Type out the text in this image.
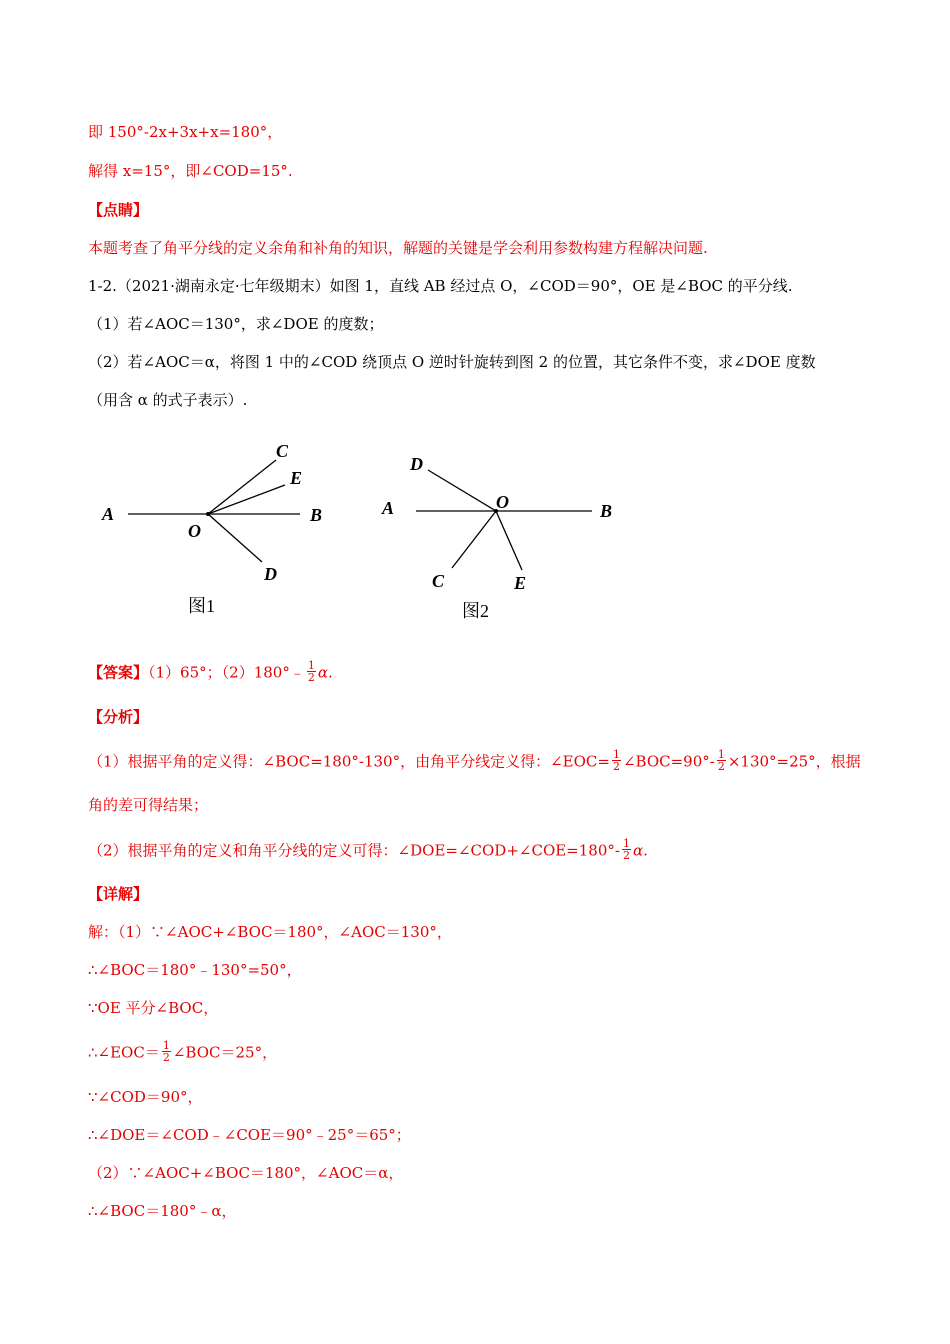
即 150°-2x+3x+x=180°，
解得 x=15°，即∠COD=15°.
【点睛】
本题考查了角平分线的定义余角和补角的知识，解题的关键是学会利用参数构建方程解决问题.
1-2.（2021·湖南永定·七年级期末）如图 1，直线 AB 经过点 O，∠COD＝90°，OE 是∠BOC 的平分线.
（1）若∠AOC＝130°，求∠DOE 的度数；
（2）若∠AOC＝α，将图 1 中的∠COD 绕顶点 O 逆时针旋转到图 2 的位置，其它条件不变，求∠DOE 度数
（用含 α 的式子表示）.
A
O
B
C
E
D
图1
A	O	B
D
C	E
图2
【答案】（1）65°；（2）180°﹣ $\frac{1}{2} \alpha$.
【分析】
（1）根据平角的定义得：∠BOC=180°-130°，由角平分线定义得：∠EOC= $\frac{1}{2}$ ∠BOC=90°- $\frac{1}{2} \times 130^\circ=25^\circ$，根据
角的差可得结果；
（2）根据平角的定义和角平分线的定义可得：∠DOE=∠COD+∠COE=180°- $\frac{1}{2} \alpha$.
【详解】
解：（1）∵∠AOC+∠BOC＝180°，∠AOC＝130°，
∴∠BOC＝180°﹣130°=50°，
∵OE 平分∠BOC，
∴∠EOC＝ $\frac{1}{2}$ ∠BOC＝25°，
∵∠COD＝90°，
∴∠DOE＝∠COD﹣∠COE＝90°﹣25°＝65°；
（2）∵∠AOC+∠BOC＝180°，∠AOC＝α，
∴∠BOC＝180°﹣α，
